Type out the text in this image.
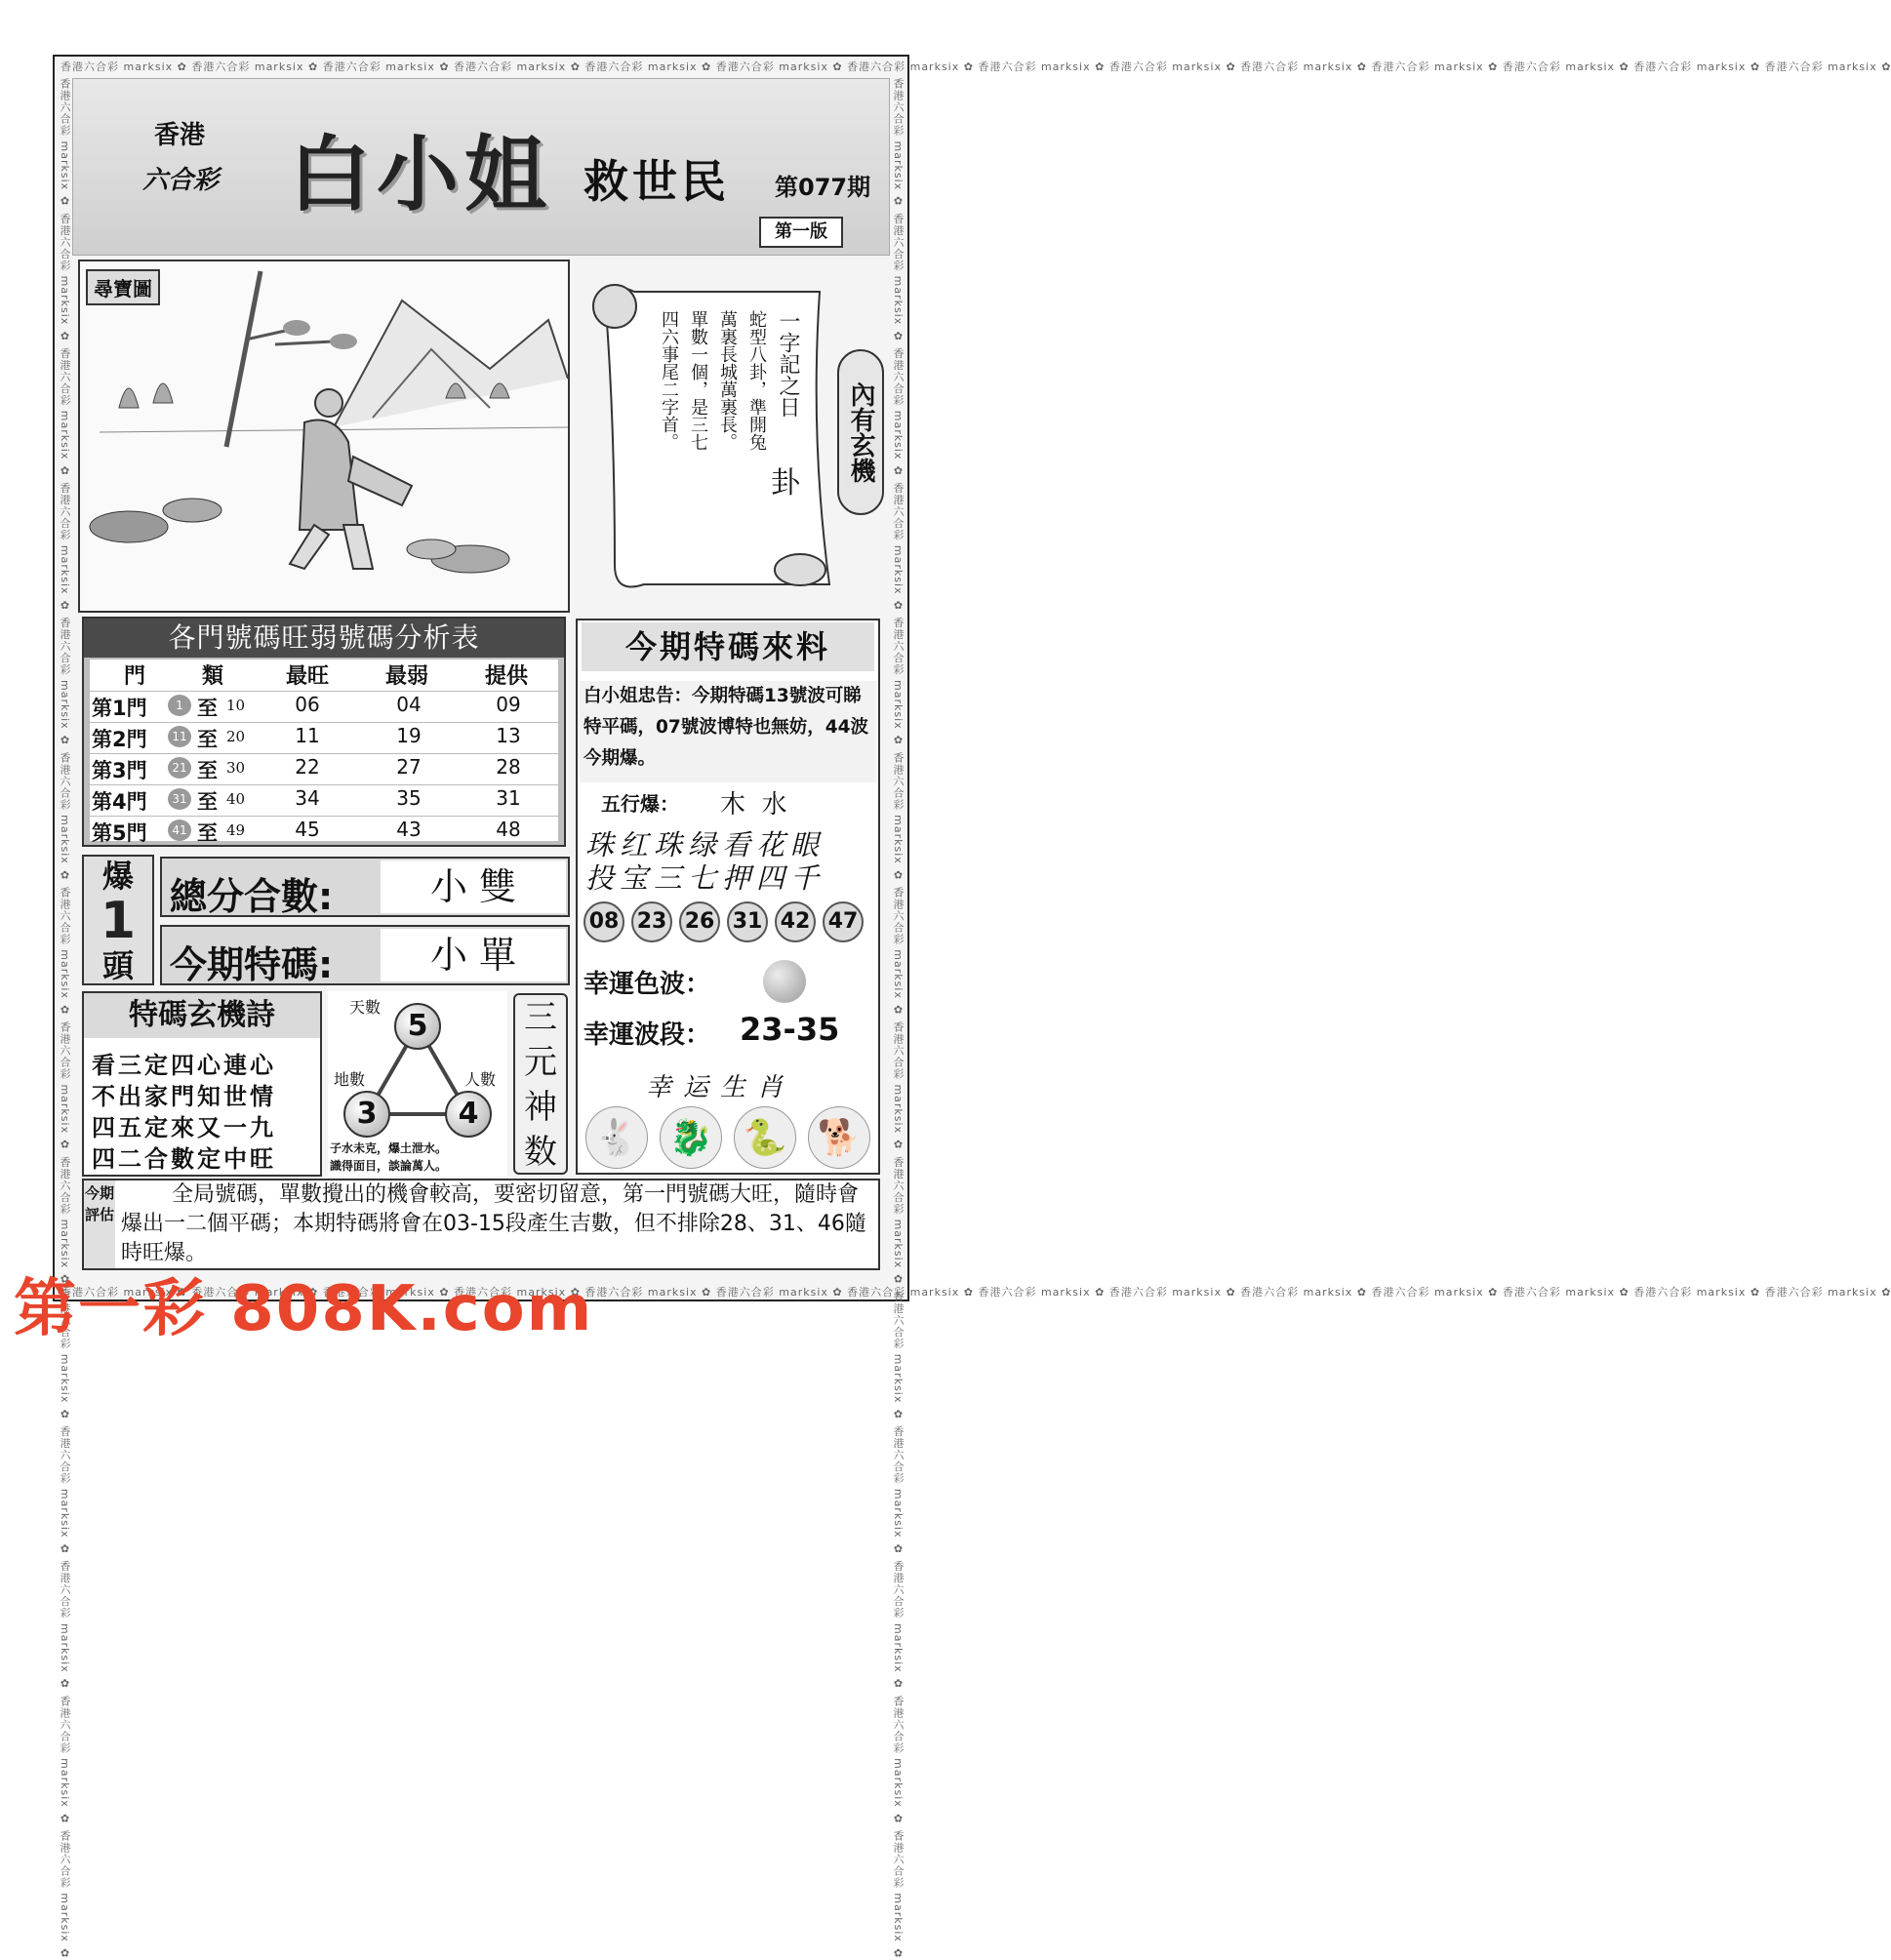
香港六合彩 marksix ✿ 香港六合彩 marksix ✿ 香港六合彩 marksix ✿ 香港六合彩 marksix ✿ 香港六合彩 marksix ✿ 香港六合彩 marksix ✿ 香港六合彩 marksix ✿ 香港六合彩 marksix ✿ 香港六合彩 marksix ✿ 香港六合彩 marksix ✿ 香港六合彩 marksix ✿ 香港六合彩 marksix ✿ 香港六合彩 marksix ✿ 香港六合彩 marksix ✿
香港六合彩 marksix ✿ 香港六合彩 marksix ✿ 香港六合彩 marksix ✿ 香港六合彩 marksix ✿ 香港六合彩 marksix ✿ 香港六合彩 marksix ✿ 香港六合彩 marksix ✿ 香港六合彩 marksix ✿ 香港六合彩 marksix ✿ 香港六合彩 marksix ✿ 香港六合彩 marksix ✿ 香港六合彩 marksix ✿ 香港六合彩 marksix ✿ 香港六合彩 marksix ✿	香港六合彩 marksix ✿ 香港六合彩 marksix ✿ 香港六合彩 marksix ✿ 香港六合彩 marksix ✿ 香港六合彩 marksix ✿ 香港六合彩 marksix ✿ 香港六合彩 marksix ✿ 香港六合彩 marksix ✿ 香港六合彩 marksix ✿ 香港六合彩 marksix ✿ 香港六合彩 marksix ✿ 香港六合彩 marksix ✿ 香港六合彩 marksix ✿ 香港六合彩 marksix ✿
香港六合彩 marksix ✿ 香港六合彩 marksix ✿ 香港六合彩 marksix ✿ 香港六合彩 marksix ✿ 香港六合彩 marksix ✿ 香港六合彩 marksix ✿ 香港六合彩 marksix ✿ 香港六合彩 marksix ✿ 香港六合彩 marksix ✿ 香港六合彩 marksix ✿ 香港六合彩 marksix ✿ 香港六合彩 marksix ✿ 香港六合彩 marksix ✿ 香港六合彩 marksix ✿
香港
六合彩 白小姐 救世民 第077期
第一版
尋寶圖
一字記之日
蛇型八卦，準開兔
萬裏長城萬裏長。
單數一個，是三七
四六事尾二字首。
卦
內有玄機
各門號碼旺弱號碼分析表
門	類	最旺	最弱	提供
第1門	1 至 10	06	04	09
第2門	11 至 20	11	19	13
第3門	21 至 30	22	27	28
第4門	31 至 40	34	35	31
第5門	41 至 49	45	43	48
今期特碼來料
白小姐忠告：今期特碼13號波可睇特平碼，07號波博特也無妨，44波今期爆。
五行爆： 木  水
珠红珠绿看花眼
投宝三七押四千
08 23 26 31 42 47
幸運色波：
幸運波段： 23-35
幸运生肖
🐇 🐉 🐍 🐕
爆
1
頭
總分合數:	小 雙
今期特碼:	小 單
特碼玄機詩
看三定四心連心
不出家門知世情
四五定來又一九
四二合數定中旺
天數
5
地數
3
人數
4
子水未克，爆土泄水。
識得面目，談論萬人。
三
元
神
数
今期評估
全局號碼，單數攪出的機會較高，要密切留意，第一門號碼大旺，隨時會爆出一二個平碼；本期特碼將會在03-15段產生吉數，但不排除28、31、46隨時旺爆。
第一彩 808K.com
